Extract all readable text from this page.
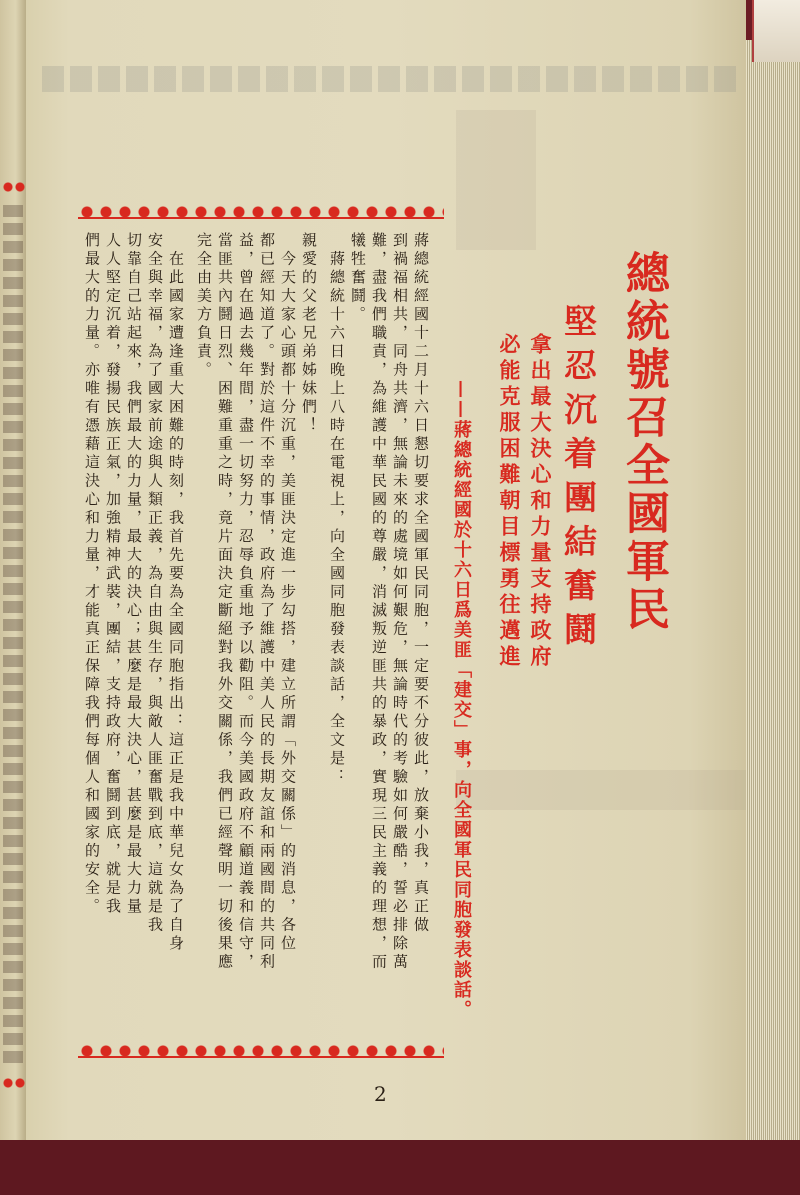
總統號召全國軍民
堅忍沉着團結奮鬪
拿出最大決心和力量支持政府
必能克服困難朝目標勇往邁進
——蔣總統經國於十六日爲美匪「建交」事，向全國軍民同胞發表談話。

蔣總統經國十二月十六日懇切要求全國軍民同胞，一定要不分彼此，放棄小我，真正做

到禍福相共，同舟共濟，無論未來的處境如何艱危，無論時代的考驗如何嚴酷，誓必排除萬

難，盡我們職責，為維護中華民國的尊嚴，消滅叛逆匪共的暴政，實現三民主義的理想，而

犧牲奮鬪。

　蔣總統十六日晚上八時在電視上，向全國同胞發表談話，全文是：

親愛的父老兄弟姊妹們！

　今天大家心頭都十分沉重，美匪決定進一步勾搭，建立所謂「外交關係」的消息，各位

都已經知道了。對於這件不幸的事情，政府為了維護中美人民的長期友誼和兩國間的共同利

益，曾在過去幾年間，盡一切努力，忍辱負重地予以勸阻。而今美國政府不顧道義和信守，

當匪共內鬪日烈、困難重重之時，竟片面決定斷絕對我外交關係，我們已經聲明一切後果應

完全由美方負責。

　在此國家遭逢重大困難的時刻，我首先要為全國同胞指出：這正是我中華兒女為了自身

安全與幸福，為了國家前途與人類正義，為自由與生存，與敵人匪奮戰到底，這就是我

切靠自己站起來，我們最大的力量，最大的決心；甚麼是最大決心，甚麼是最大力量

人人堅定沉着，發揚民族正氣，加強精神武裝，團結，支持政府，奮鬪到底，就是我

們最大的力量。亦唯有憑藉這決心和力量，才能真正保障我們每個人和國家的安全。

2
